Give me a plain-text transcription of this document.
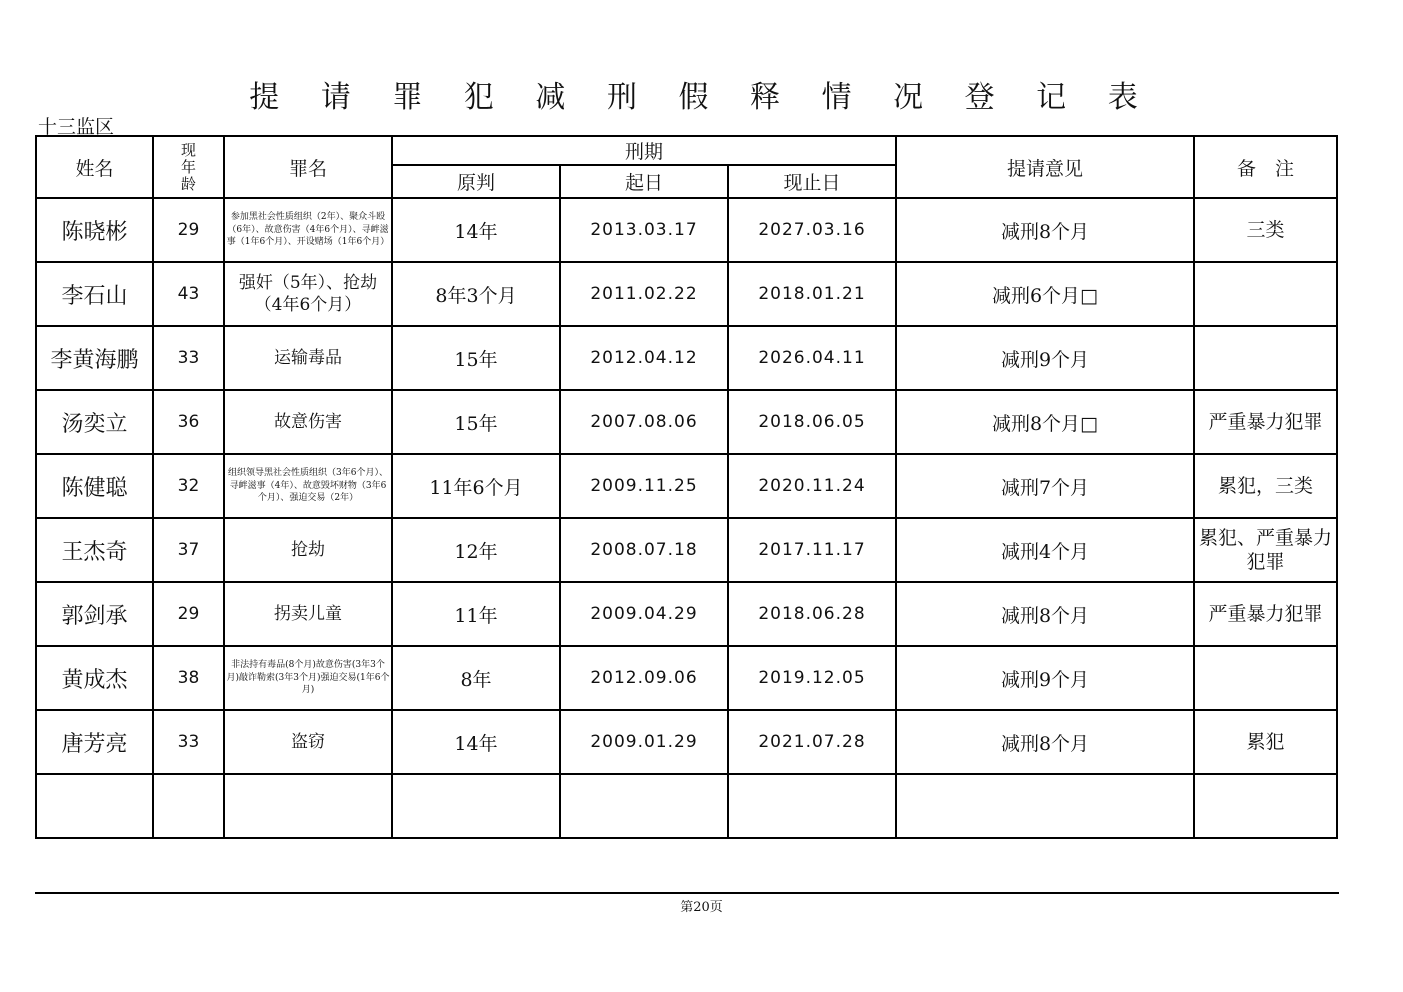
提 请 罪 犯 减 刑 假 释 情 况 登 记 表
十三监区
姓名	现
年
龄	罪名	刑期			提请意见	备　注
			原判	起日	现止日		
陈晓彬	29	参加黑社会性质组织（2年）、聚众斗殴（6年）、故意伤害（4年6个月）、寻衅滋事（1年6个月）、开设赌场（1年6个月）	14年	2013.03.17	2027.03.16	减刑8个月	三类
李石山	43	强奸（5年）、抢劫（4年6个月）	8年3个月	2011.02.22	2018.01.21	减刑6个月□	
李黄海鹏	33	运输毒品	15年	2012.04.12	2026.04.11	减刑9个月	
汤奕立	36	故意伤害	15年	2007.08.06	2018.06.05	减刑8个月□	严重暴力犯罪
陈健聪	32	组织领导黑社会性质组织（3年6个月）、寻衅滋事（4年）、故意毁坏财物（3年6个月）、强迫交易（2年）	11年6个月	2009.11.25	2020.11.24	减刑7个月	累犯，三类
王杰奇	37	抢劫	12年	2008.07.18	2017.11.17	减刑4个月	累犯、严重暴力犯罪
郭剑承	29	拐卖儿童	11年	2009.04.29	2018.06.28	减刑8个月	严重暴力犯罪
黄成杰	38	非法持有毒品(8个月)故意伤害(3年3个月)敲诈勒索(3年3个月)强迫交易(1年6个月)	8年	2012.09.06	2019.12.05	减刑9个月	
唐芳亮	33	盗窃	14年	2009.01.29	2021.07.28	减刑8个月	累犯

第20页
